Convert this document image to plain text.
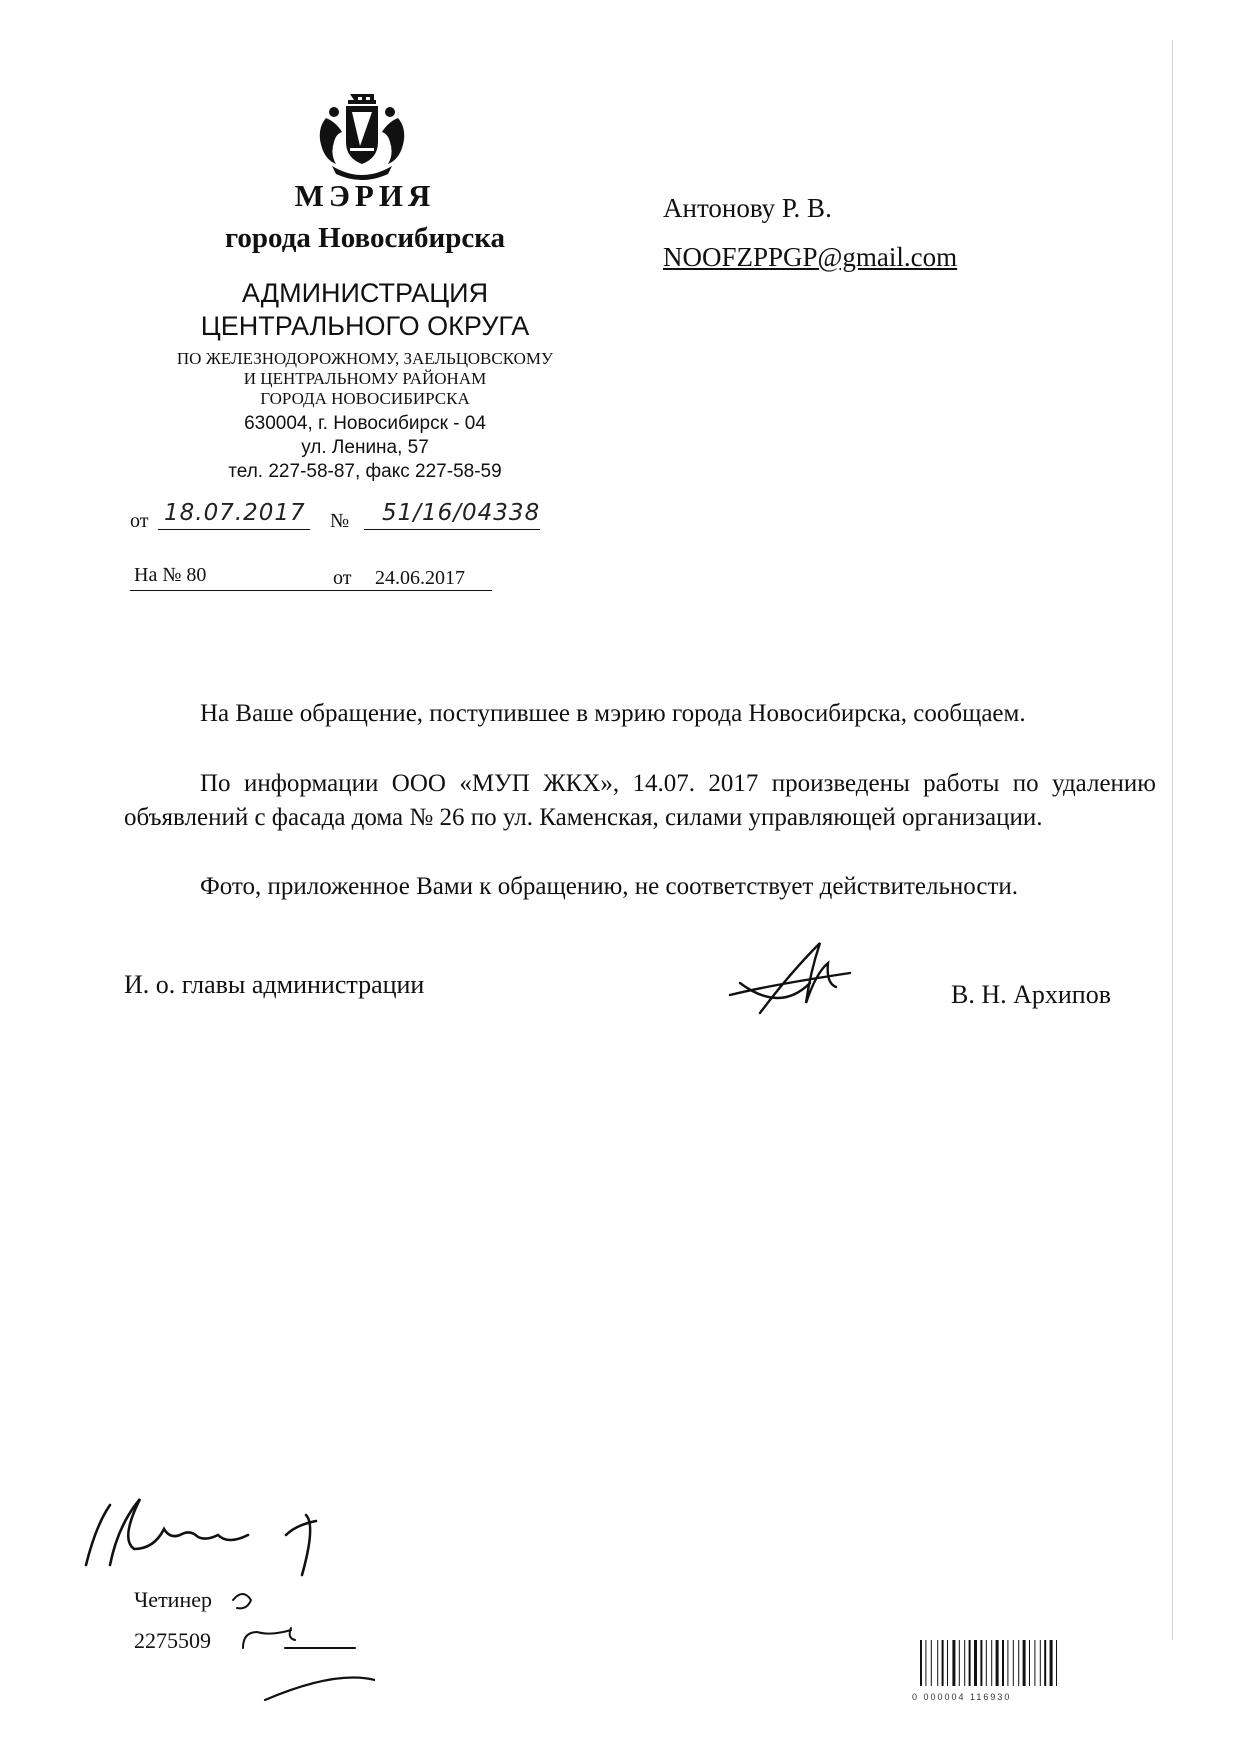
МЭРИЯ
города Новосибирска
АДМИНИСТРАЦИЯ
ЦЕНТРАЛЬНОГО ОКРУГА
ПО ЖЕЛЕЗНОДОРОЖНОМУ, ЗАЕЛЬЦОВСКОМУ
И ЦЕНТРАЛЬНОМУ РАЙОНАМ
ГОРОДА НОВОСИБИРСКА
630004, г. Новосибирск - 04
ул. Ленина, 57
тел. 227-58-87, факс 227-58-59
от 18.07.2017 № 51/16/04338
На № 80	от 24.06.2017
Антонову Р. В.
NOOFZPPGP@gmail.com
На Ваше обращение, поступившее в мэрию города Новосибирска, сообщаем.
По информации ООО «МУП ЖКХ», 14.07. 2017 произведены работы по удалению объявлений с фасада дома № 26 по ул. Каменская, силами управляющей организации.
Фото, приложенное Вами к обращению, не соответствует действительности.
И. о. главы администрации	В. Н. Архипов
Четинер
2275509
0 000004 116930
